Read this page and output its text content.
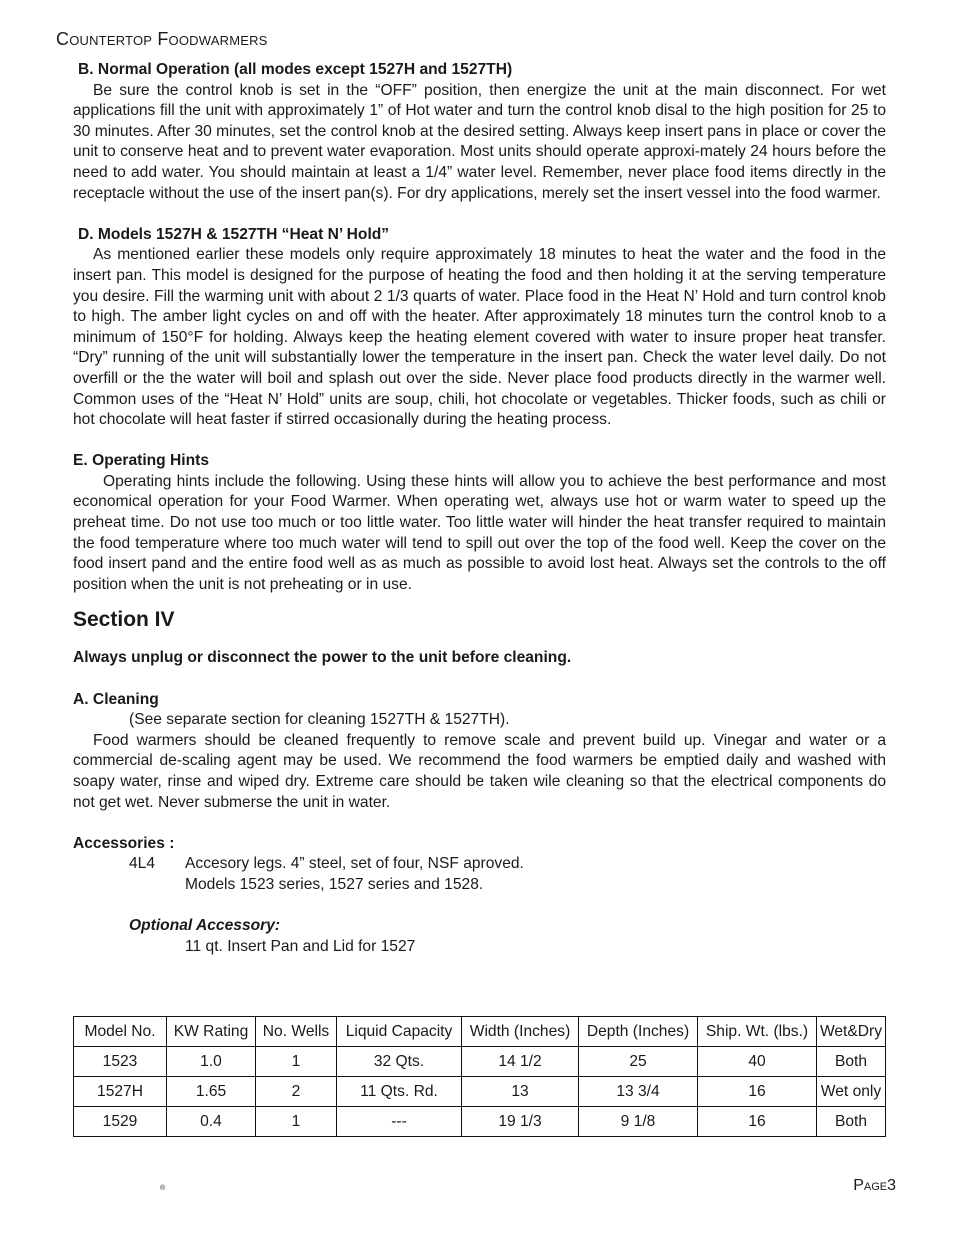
Countertop Foodwarmers

B. Normal Operation (all modes except 1527H and 1527TH)

Be sure the control knob is set in the “OFF” position, then energize the unit at the main disconnect. For wet applications fill the unit with approximately 1” of Hot water and turn the control knob disal to the high position for 25 to 30 minutes. After 30 minutes, set the control knob at the desired setting. Always keep insert pans in place or cover the unit to conserve heat and to prevent water evaporation. Most units should operate approxi-mately 24 hours before the need to add water. You should maintain at least a 1/4” water level. Remember, never place food items directly in the receptacle without the use of the insert pan(s). For dry applications, merely set the insert vessel into the food warmer.

D. Models 1527H & 1527TH “Heat N’ Hold”

As mentioned earlier these models only require approximately 18 minutes to heat the water and the food in the insert pan. This model is designed for the purpose of heating the food and then holding it at the serving temperature you desire. Fill the warming unit with about 2 1/3 quarts of water. Place food in the Heat N’ Hold and turn control knob to high. The amber light cycles on and off with the heater. After approximately 18 minutes turn the control knob to a minimum of 150°F for holding. Always keep the heating element covered with water to insure proper heat transfer. “Dry” running of the unit will substantially lower the temperature in the insert pan. Check the water level daily. Do not overfill or the the water will boil and splash out over the side. Never place food products directly in the warmer well. Common uses of the “Heat N’ Hold” units are soup, chili, hot chocolate or vegetables. Thicker foods, such as chili or hot chocolate will heat faster if stirred occasionally during the heating process.

E. Operating Hints

Operating hints include the following. Using these hints will allow you to achieve the best performance and most economical operation for your Food Warmer. When operating wet, always use hot or warm water to speed up the preheat time. Do not use too much or too little water. Too little water will hinder the heat transfer required to maintain the food temperature where too much water will tend to spill out over the top of the food well. Keep the cover on the food insert pand and the entire food well as as much as possible to avoid lost heat. Always set the controls to the off position when the unit is not preheating or in use.

Section IV

Always unplug or disconnect the power to the unit before cleaning.

A. Cleaning

(See separate section for cleaning 1527TH & 1527TH).

Food warmers should be cleaned frequently to remove scale and prevent build up. Vinegar and water or a commercial de-scaling agent may be used. We recommend the food warmers be emptied daily and washed with soapy water, rinse and wiped dry. Extreme care should be taken wile cleaning so that the electrical components do not get wet. Never submerse the unit in water.

Accessories :

4L4	Accesory legs. 4” steel, set of four, NSF aproved.
Models 1523 series, 1527 series and 1528.
Optional Accessory:
11 qt. Insert Pan and Lid for 1527
Model No.	KW Rating	No. Wells	Liquid Capacity	Width (Inches)	Depth (Inches)	Ship. Wt. (lbs.)	Wet&Dry
1523	1.0	1	32 Qts.	14 1/2	25	40	Both
1527H	1.65	2	11 Qts. Rd.	13	13 3/4	16	Wet only
1529	0.4	1	---	19 1/3	9 1/8	16	Both
®	Page3
